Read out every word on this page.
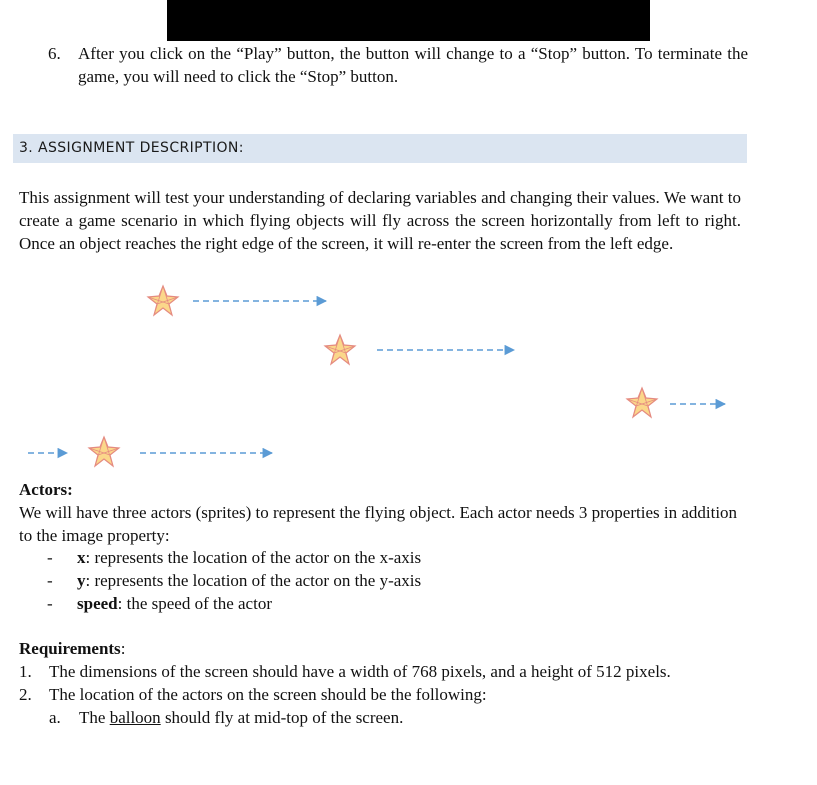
6. After you click on the “Play” button, the button will change to a “Stop” button. To terminate the game, you will need to click the “Stop” button.
3. ASSIGNMENT DESCRIPTION:
This assignment will test your understanding of declaring variables and changing their values. We want to create a game scenario in which flying objects will fly across the screen horizontally from left to right. Once an object reaches the right edge of the screen, it will re-enter the screen from the left edge.
Actors:
We will have three actors (sprites) to represent the flying object. Each actor needs 3 properties in addition to the image property:
- x: represents the location of the actor on the x-axis
- y: represents the location of the actor on the y-axis
- speed: the speed of the actor
Requirements:
1. The dimensions of the screen should have a width of 768 pixels, and a height of 512 pixels.
2. The location of the actors on the screen should be the following:
a. The balloon should fly at mid-top of the screen.
